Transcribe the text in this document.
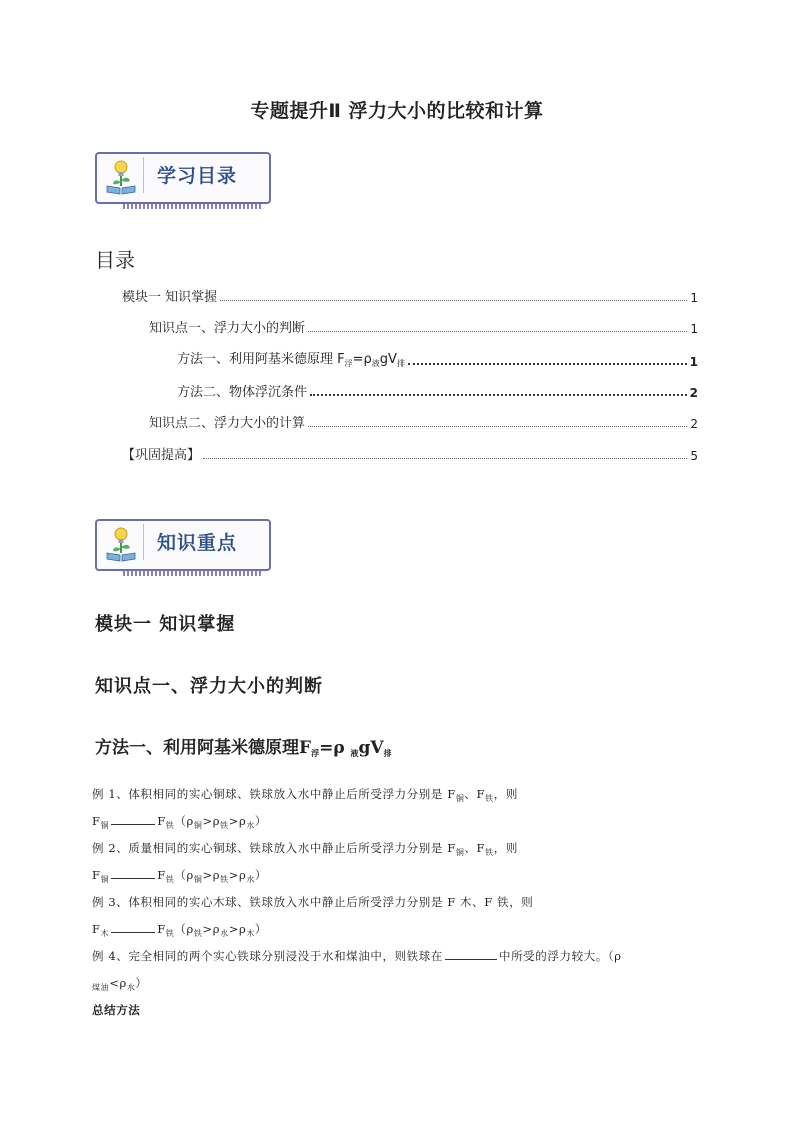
专题提升Ⅱ 浮力大小的比较和计算
学习目录
目录
模块一 知识掌握	1
知识点一、浮力大小的判断	1
方法一、利用阿基米德原理 $F_浮=\rho_液gV_排$	1
方法二、物体浮沉条件	2
知识点二、浮力大小的计算	2
【巩固提高】	5
知识重点
模块一 知识掌握
知识点一、浮力大小的判断
方法一、利用阿基米德原理$F_浮=\rho$ $_液gV_排$
例 1、体积相同的实心铜球、铁球放入水中静止后所受浮力分别是 $F_铜$、$F_铁$，则
$F_铜$	$F_铁(\rho_铜>\rho_铁>\rho_水)$
例 2、质量相同的实心铜球、铁球放入水中静止后所受浮力分别是 $F_铜$、$F_铁$，则
$F_铜$	$F_铁(\rho_铜>\rho_铁>\rho_水)$
例 3、体积相同的实心木球、铁球放入水中静止后所受浮力分别是 F 木、F 铁，则
$F_木$	$F_铁(\rho_铁>\rho_水>\rho_木)$
例 4、完全相同的两个实心铁球分别浸没于水和煤油中，则铁球在	中所受的浮力较大。（ρ
$_{煤油}<\rho_水$）
总结方法
